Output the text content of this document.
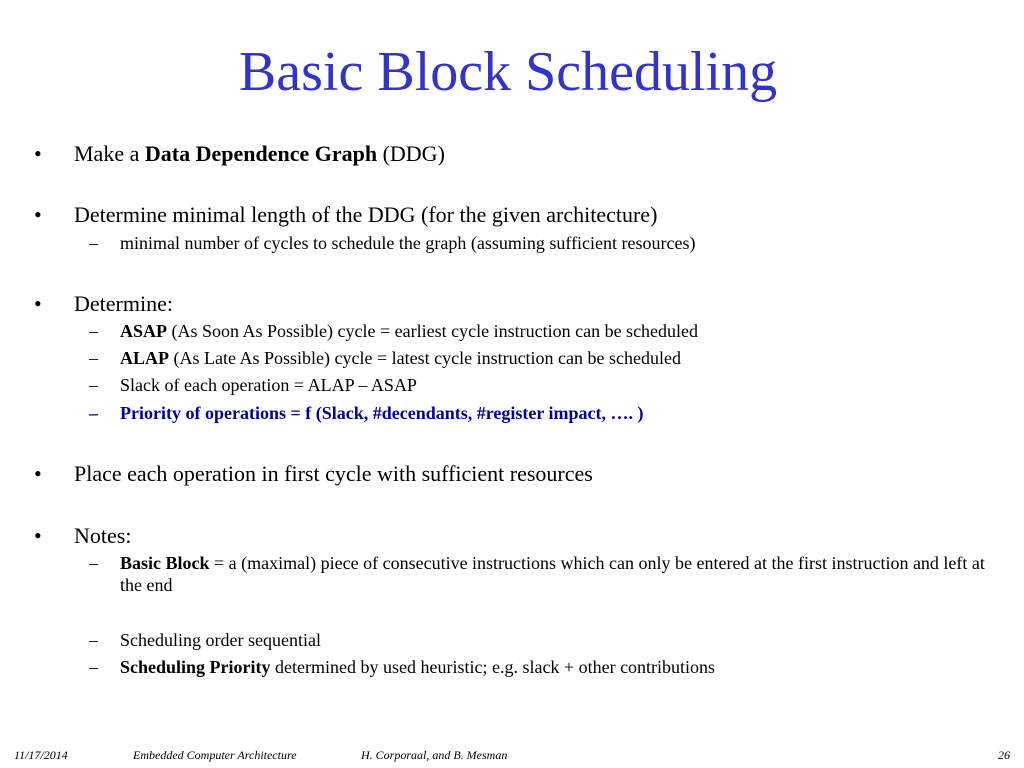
Basic Block Scheduling
• Make a Data Dependence Graph (DDG)
• Determine minimal length of the DDG (for the given architecture)
– minimal number of cycles to schedule the graph (assuming sufficient resources)
• Determine:
– ASAP (As Soon As Possible) cycle = earliest cycle instruction can be scheduled
– ALAP (As Late As Possible) cycle = latest cycle instruction can be scheduled
– Slack of each operation = ALAP – ASAP
– Priority of operations = f (Slack, #decendants, #register impact, …. )
• Place each operation in first cycle with sufficient resources
• Notes:
– Basic Block = a (maximal) piece of consecutive instructions which can only be entered at the first instruction and left at the end
– Scheduling order sequential
– Scheduling Priority determined by used heuristic; e.g. slack + other contributions
11/17/2014	Embedded Computer Architecture	H. Corporaal, and B. Mesman	26
